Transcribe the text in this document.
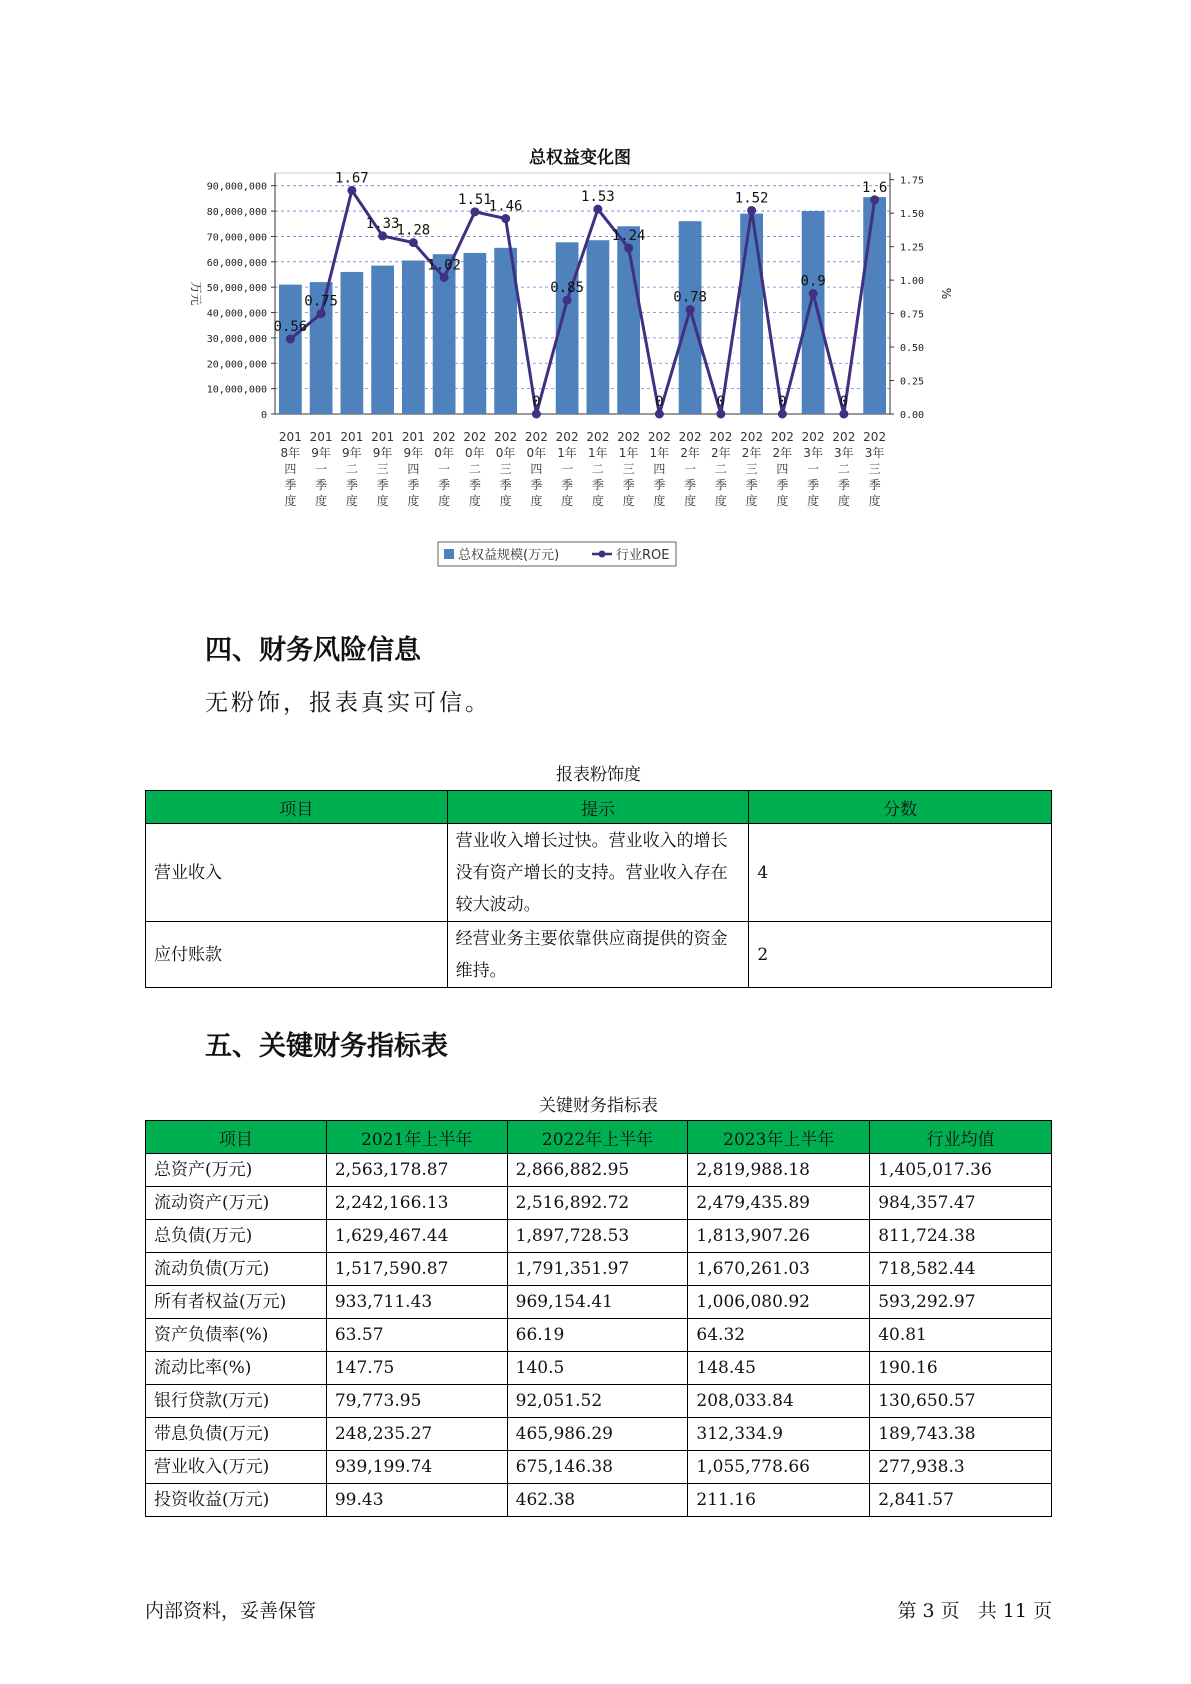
总权益变化图
0
10,000,000
20,000,000
30,000,000
40,000,000
50,000,000
60,000,000
70,000,000
80,000,000
90,000,000
0.00
0.25
0.50
0.75
1.00
1.25
1.50
1.75
万元	%
201
8年
四
季
度
201
9年
一
季
度
201
9年
二
季
度
201
9年
三
季
度
201
9年
四
季
度
202
0年
一
季
度
202
0年
二
季
度
202
0年
三
季
度
202
0年
四
季
度
202
1年
一
季
度
202
1年
二
季
度
202
1年
三
季
度
202
1年
四
季
度
202
2年
一
季
度
202
2年
二
季
度
202
2年
三
季
度
202
2年
四
季
度
202
3年
一
季
度
202
3年
二
季
度
202
3年
三
季
度
0.56
0.75
1.67
1.33
1.28
1.02
1.51
1.46
0
0.85
1.53
1.24
0
0.78
0
1.52
0
0.9
0
1.6
总权益规模(万元)	行业ROE
四、财务风险信息

无粉饰，报表真实可信。

报表粉饰度
项目	提示	分数
营业收入	营业收入增长过快。营业收入的增长没有资产增长的支持。营业收入存在较大波动。	4
应付账款	经营业务主要依靠供应商提供的资金维持。	2
五、关键财务指标表
关键财务指标表
项目	2021年上半年	2022年上半年	2023年上半年	行业均值
总资产(万元)	2,563,178.87	2,866,882.95	2,819,988.18	1,405,017.36
流动资产(万元)	2,242,166.13	2,516,892.72	2,479,435.89	984,357.47
总负债(万元)	1,629,467.44	1,897,728.53	1,813,907.26	811,724.38
流动负债(万元)	1,517,590.87	1,791,351.97	1,670,261.03	718,582.44
所有者权益(万元)	933,711.43	969,154.41	1,006,080.92	593,292.97
资产负债率(%)	63.57	66.19	64.32	40.81
流动比率(%)	147.75	140.5	148.45	190.16
银行贷款(万元)	79,773.95	92,051.52	208,033.84	130,650.57
带息负债(万元)	248,235.27	465,986.29	312,334.9	189,743.38
营业收入(万元)	939,199.74	675,146.38	1,055,778.66	277,938.3
投资收益(万元)	99.43	462.38	211.16	2,841.57
内部资料，妥善保管	第 3 页   共 11 页
